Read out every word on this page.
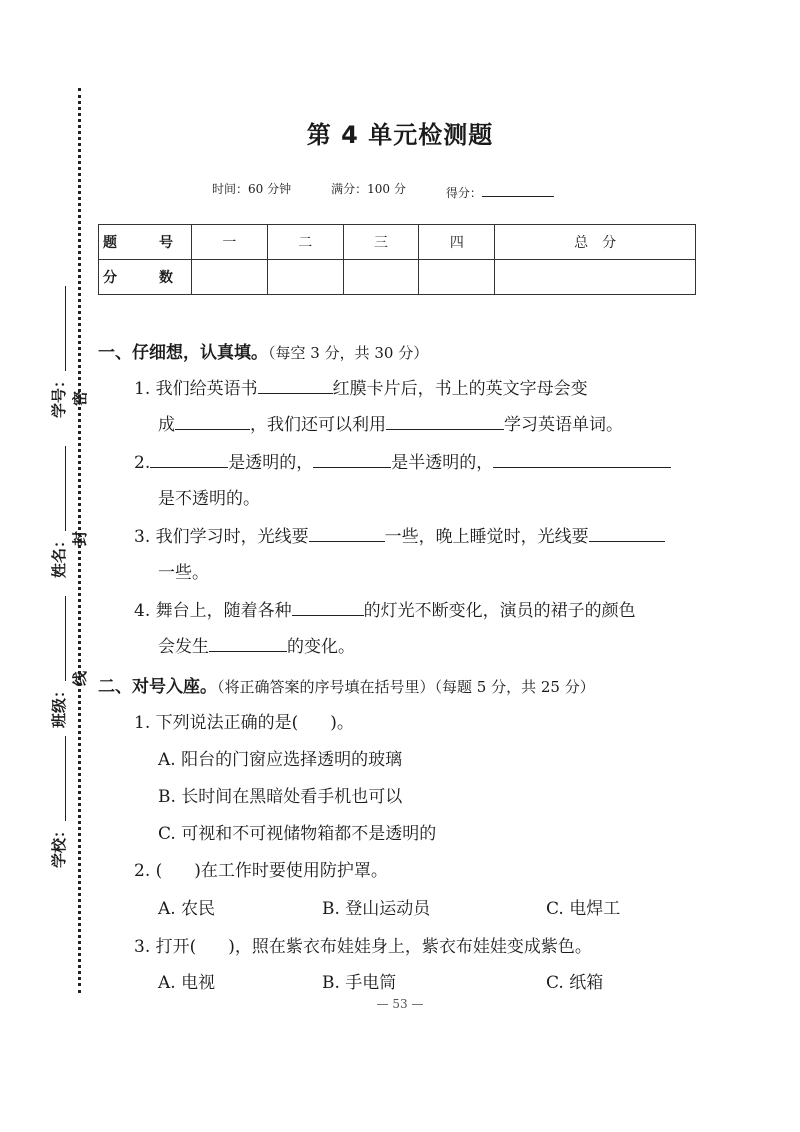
学号：
姓名：
班级：
学校：
密
封
线
第 4 单元检测题
时间：60 分钟	满分：100 分	得分：
题　号	一	二	三	四	总　分
分　数					
一、仔细想，认真填。（每空 3 分，共 30 分）
1. 我们给英语书	红膜卡片后，书上的英文字母会变
成	，我们还可以利用	学习英语单词。
2.	是透明的，	是半透明的，
是不透明的。
3. 我们学习时，光线要	一些，晚上睡觉时，光线要
一些。
4. 舞台上，随着各种	的灯光不断变化，演员的裙子的颜色
会发生	的变化。
二、对号入座。（将正确答案的序号填在括号里）（每题 5 分，共 25 分）
1. 下列说法正确的是( )。
A. 阳台的门窗应选择透明的玻璃
B. 长时间在黑暗处看手机也可以
C. 可视和不可视储物箱都不是透明的
2. ( )在工作时要使用防护罩。
A. 农民	B. 登山运动员	C. 电焊工
3. 打开( )，照在紫衣布娃娃身上，紫衣布娃娃变成紫色。
A. 电视	B. 手电筒	C. 纸箱
— 53 —
